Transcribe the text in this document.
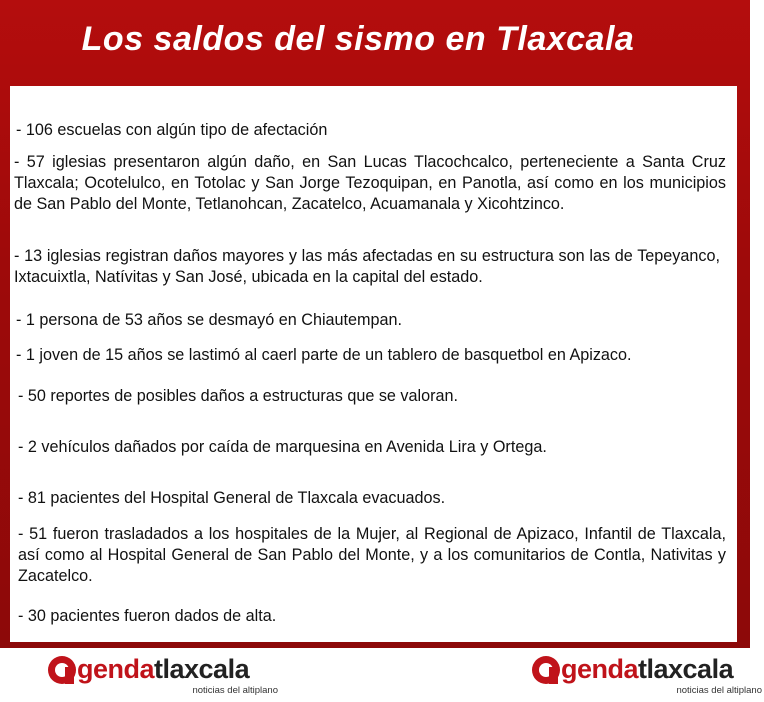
Los saldos del sismo en Tlaxcala

- 106 escuelas con algún tipo de afectación

- 57 iglesias presentaron algún daño, en San Lucas Tlacochcalco, perteneciente a Santa Cruz Tlaxcala; Ocotelulco, en Totolac y San Jorge Tezoquipan, en Panotla, así como en los municipios de San Pablo del Monte, Tetlanohcan, Zacatelco, Acuamanala y Xicohtzinco.

- 13 iglesias registran daños mayores y las más afectadas en su estructura son las de Tepeyanco, Ixtacuixtla, Natívitas y San José, ubicada en la capital del estado.

- 1 persona de 53 años se desmayó en Chiautempan.

- 1 joven de 15 años se lastimó al caerl parte de un tablero de basquetbol en Apizaco.

- 50 reportes de posibles daños a estructuras que se valoran.

- 2 vehículos dañados por caída de marquesina en Avenida Lira y Ortega.

- 81 pacientes del Hospital General de Tlaxcala evacuados.

- 51 fueron trasladados a los hospitales de la Mujer, al Regional de Apizaco, Infantil de Tlaxcala, así como al Hospital General de San Pablo del Monte, y a los comunitarios de Contla, Nativitas y Zacatelco.

- 30 pacientes fueron dados de alta.

gendatlaxcala
noticias del altiplano
gendatlaxcala
noticias del altiplano
